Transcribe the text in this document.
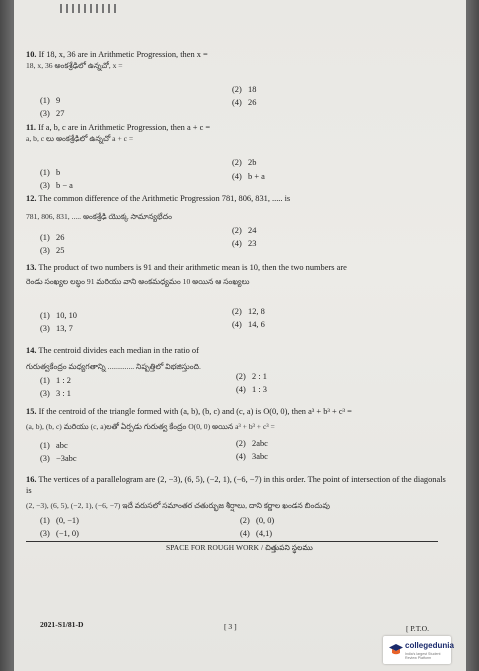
10. If 18, x, 36 are in Arithmetic Progression, then x =
18, x, 36 అంకశ్రేఢిలో ఉన్నచో, x =
(1) 9
(2) 18
(3) 27
(4) 26
11. If a, b, c are in Arithmetic Progression, then a + c =
a, b, c లు అంకశ్రేఢిలో ఉన్నచో a + c =
(1) b
(2) 2b
(3) b − a
(4) b + a
12. The common difference of the Arithmetic Progression 781, 806, 831, ..... is
781, 806, 831, ..... అంకశ్రేఢి యొక్క సామాన్యభేదం
(1) 26
(2) 24
(3) 25
(4) 23
13. The product of two numbers is 91 and their arithmetic mean is 10, then the two numbers are
రెండు సంఖ్యల లబ్ధం 91 మరియు వాని అంకమధ్యమం 10 అయిన ఆ సంఖ్యలు
(1) 10, 10	(2) 12, 8
(3) 13, 7	(4) 14, 6
14. The centroid divides each median in the ratio of
గురుత్వకేంద్రం మధ్యగతాన్ని .............. నిష్పత్తిలో విభజిస్తుంది.
(1) 1 : 2	(2) 2 : 1
(3) 3 : 1	(4) 1 : 3
15. If the centroid of the triangle formed with (a, b), (b, c) and (c, a) is O(0, 0), then a³ + b³ + c³ =
(a, b), (b, c) మరియు (c, a)లతో ఏర్పడు గురుత్వ కేంద్రం O(0, 0) అయిన a³ + b³ + c³ =
(1) abc	(2) 2abc
(3) −3abc	(4) 3abc
16. The vertices of a parallelogram are (2, −3), (6, 5), (−2, 1), (−6, −7) in this order. The point of intersection of the diagonals is
(2, −3), (6, 5), (−2, 1), (−6, −7) ఇదే వరుసలో సమాంతర చతుర్భుజ శీర్షాలు, దాని కర్ణాల ఖండన బిందువు
(1) (0, −1)	(2) (0, 0)
(3) (−1, 0)	(4) (4,1)
SPACE FOR ROUGH WORK / చిత్తుపని స్థలము
2021-S1/81-D	[ 3 ]	[ P.T.O.
collegedunia
India's largest Student Review Platform
